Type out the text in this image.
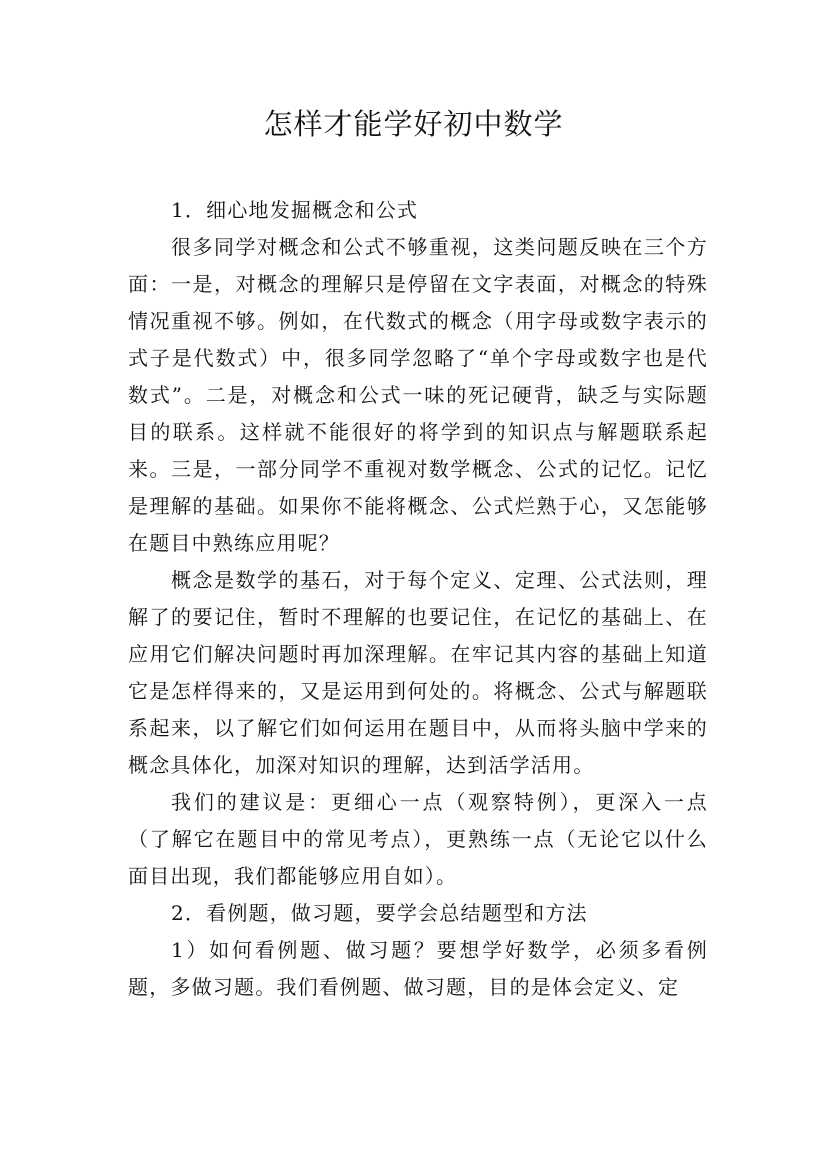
怎样才能学好初中数学

1．细心地发掘概念和公式

很多同学对概念和公式不够重视，这类问题反映在三个方面：一是，对概念的理解只是停留在文字表面，对概念的特殊情况重视不够。例如，在代数式的概念（用字母或数字表示的式子是代数式）中，很多同学忽略了“单个字母或数字也是代数式”。二是，对概念和公式一味的死记硬背，缺乏与实际题目的联系。这样就不能很好的将学到的知识点与解题联系起来。三是，一部分同学不重视对数学概念、公式的记忆。记忆是理解的基础。如果你不能将概念、公式烂熟于心，又怎能够在题目中熟练应用呢？

概念是数学的基石，对于每个定义、定理、公式法则，理解了的要记住，暂时不理解的也要记住，在记忆的基础上、在应用它们解决问题时再加深理解。在牢记其内容的基础上知道它是怎样得来的，又是运用到何处的。将概念、公式与解题联系起来，以了解它们如何运用在题目中，从而将头脑中学来的概念具体化，加深对知识的理解，达到活学活用。

我们的建议是：更细心一点（观察特例），更深入一点（了解它在题目中的常见考点），更熟练一点（无论它以什么面目出现，我们都能够应用自如）。

2．看例题，做习题，要学会总结题型和方法

1）如何看例题、做习题？要想学好数学，必须多看例题，多做习题。我们看例题、做习题，目的是体会定义、定
